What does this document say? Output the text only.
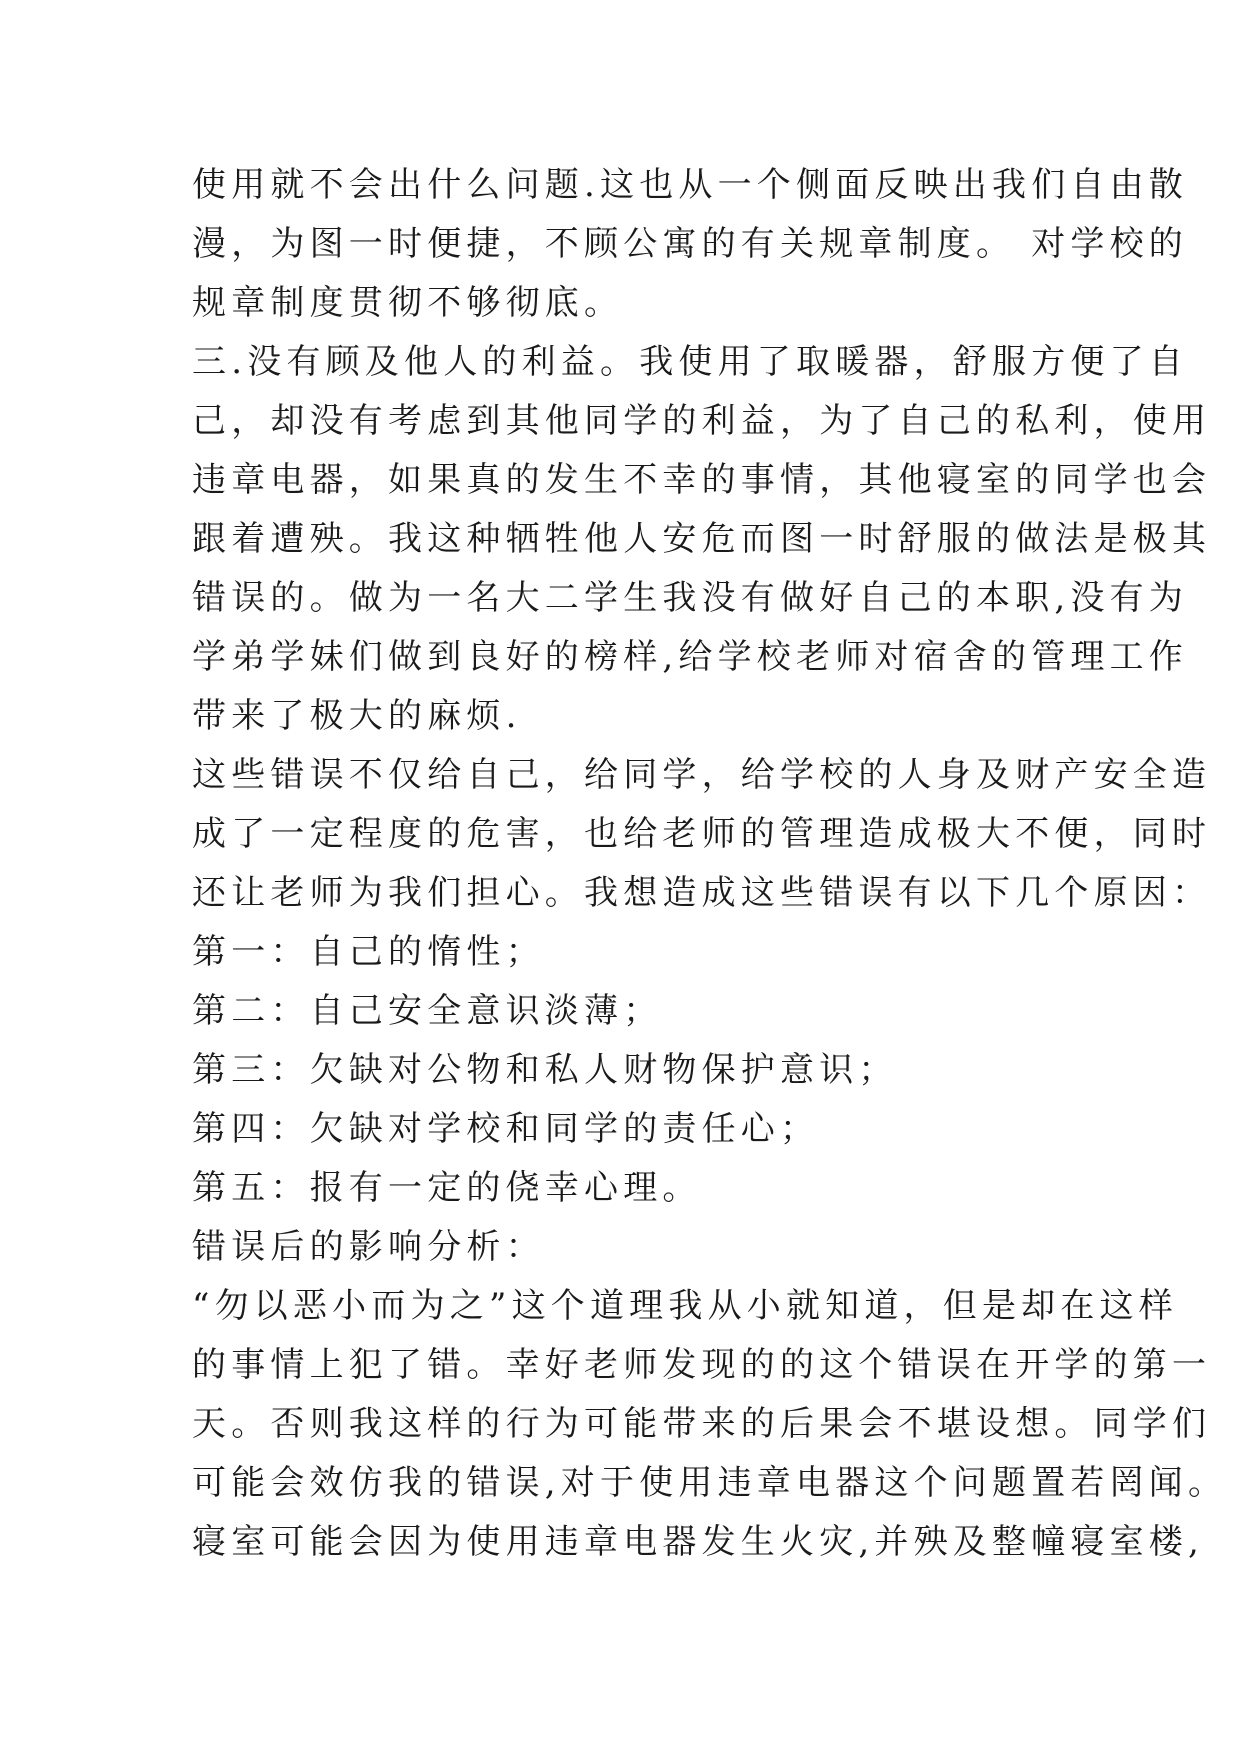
使用就不会出什么问题.这也从一个侧面反映出我们自由散
漫，为图一时便捷，不顾公寓的有关规章制度。 对学校的
规章制度贯彻不够彻底。
三.没有顾及他人的利益。我使用了取暖器，舒服方便了自
己，却没有考虑到其他同学的利益，为了自己的私利，使用
违章电器，如果真的发生不幸的事情，其他寝室的同学也会
跟着遭殃。我这种牺牲他人安危而图一时舒服的做法是极其
错误的。做为一名大二学生我没有做好自己的本职,没有为
学弟学妹们做到良好的榜样,给学校老师对宿舍的管理工作
带来了极大的麻烦.
这些错误不仅给自己，给同学，给学校的人身及财产安全造
成了一定程度的危害，也给老师的管理造成极大不便，同时
还让老师为我们担心。我想造成这些错误有以下几个原因：
第一：自己的惰性；
第二：自己安全意识淡薄；
第三：欠缺对公物和私人财物保护意识；
第四：欠缺对学校和同学的责任心；
第五：报有一定的侥幸心理。
错误后的影响分析：
“勿以恶小而为之”这个道理我从小就知道，但是却在这样
的事情上犯了错。幸好老师发现的的这个错误在开学的第一
天。否则我这样的行为可能带来的后果会不堪设想。同学们
可能会效仿我的错误,对于使用违章电器这个问题置若罔闻。
寝室可能会因为使用违章电器发生火灾,并殃及整幢寝室楼,
